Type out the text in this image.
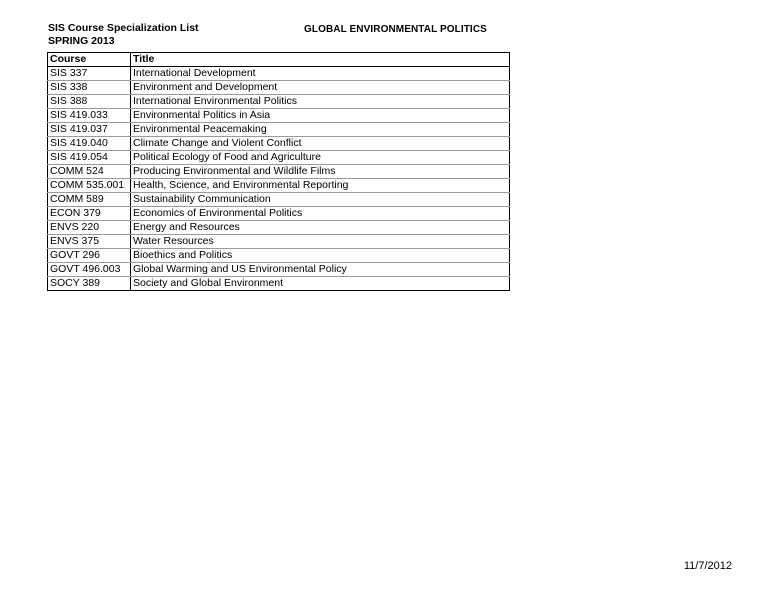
SIS Course Specialization List
SPRING 2013
GLOBAL ENVIRONMENTAL POLITICS
Course	Title
SIS 337	International Development
SIS 338	Environment and Development
SIS 388	International Environmental Politics
SIS 419.033	Environmental Politics in Asia
SIS 419.037	Environmental Peacemaking
SIS 419.040	Climate Change and Violent Conflict
SIS 419.054	Political Ecology of Food and Agriculture
COMM 524	Producing Environmental and Wildlife Films
COMM 535.001	Health, Science, and Environmental Reporting
COMM 589	Sustainability Communication
ECON 379	Economics of Environmental Politics
ENVS 220	Energy and Resources
ENVS 375	Water Resources
GOVT 296	Bioethics and Politics
GOVT 496.003	Global Warming and US Environmental Policy
SOCY 389	Society and Global Environment
11/7/2012
